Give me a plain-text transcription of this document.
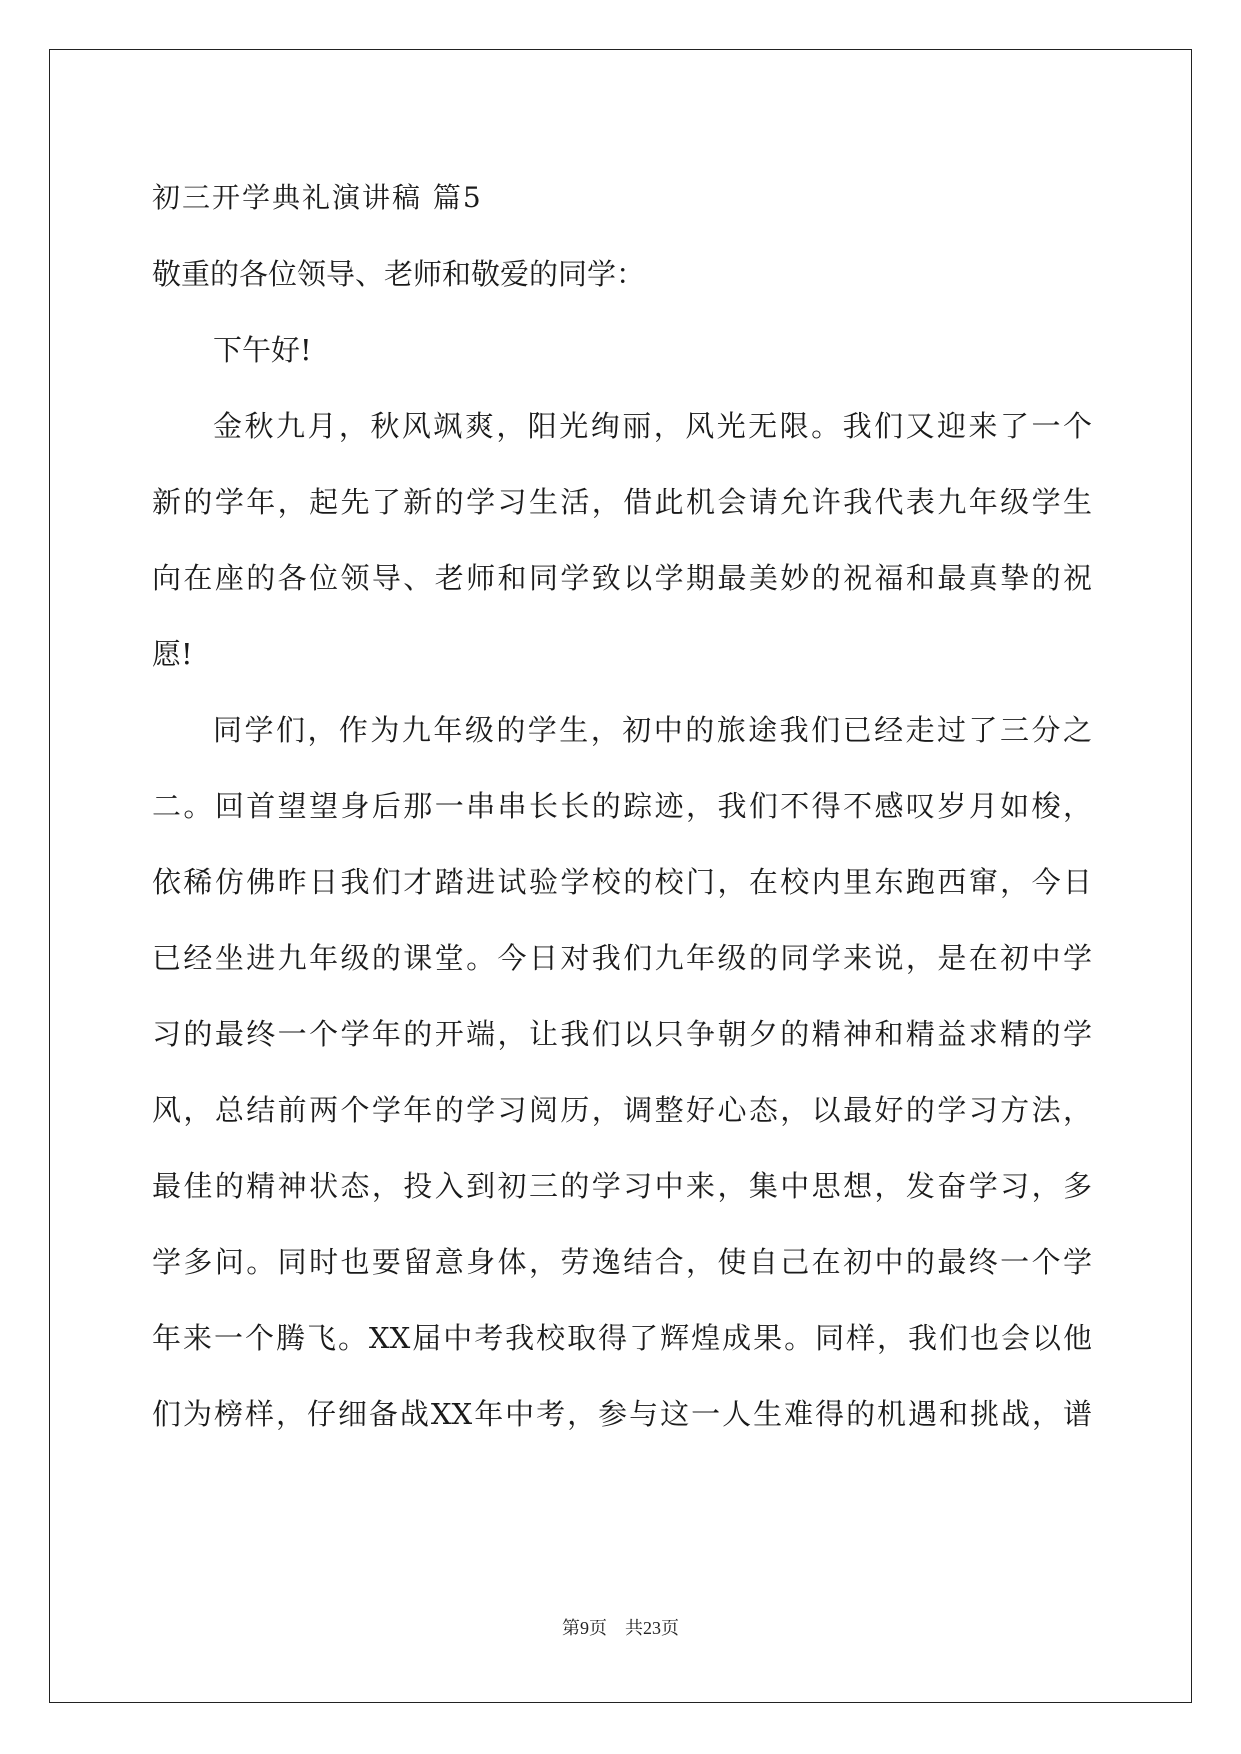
初三开学典礼演讲稿 篇5
敬重的各位领导、老师和敬爱的同学：
下午好!
金秋九月，秋风飒爽，阳光绚丽，风光无限。我们又迎来了一个
新的学年，起先了新的学习生活，借此机会请允许我代表九年级学生
向在座的各位领导、老师和同学致以学期最美妙的祝福和最真挚的祝
愿!
同学们，作为九年级的学生，初中的旅途我们已经走过了三分之
二。回首望望身后那一串串长长的踪迹，我们不得不感叹岁月如梭，
依稀仿佛昨日我们才踏进试验学校的校门，在校内里东跑西窜，今日
已经坐进九年级的课堂。今日对我们九年级的同学来说，是在初中学
习的最终一个学年的开端，让我们以只争朝夕的精神和精益求精的学
风，总结前两个学年的学习阅历，调整好心态，以最好的学习方法，
最佳的精神状态，投入到初三的学习中来，集中思想，发奋学习，多
学多问。同时也要留意身体，劳逸结合，使自己在初中的最终一个学
年来一个腾飞。XX届中考我校取得了辉煌成果。同样，我们也会以他
们为榜样，仔细备战XX年中考，参与这一人生难得的机遇和挑战，谱
第9页 共23页
